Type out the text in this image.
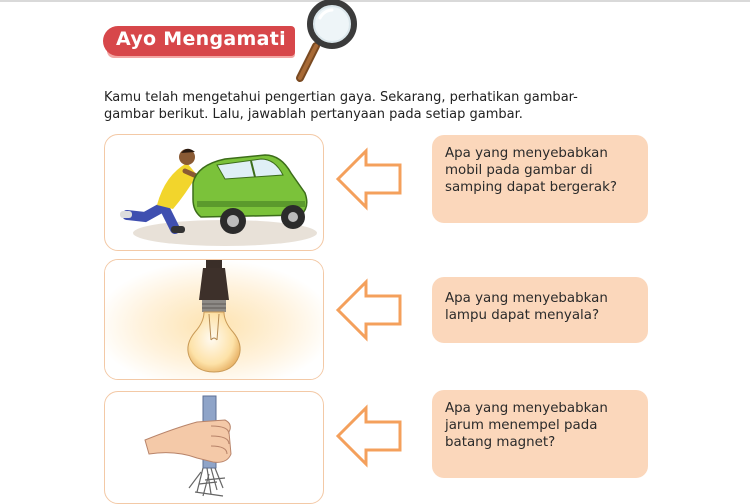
Ayo Mengamati
Kamu telah mengetahui pengertian gaya. Sekarang, perhatikan gambar-
gambar berikut. Lalu, jawablah pertanyaan pada setiap gambar.
Apa yang menyebabkan
mobil pada gambar di
samping dapat bergerak?
Apa yang menyebabkan
lampu dapat menyala?
Apa yang menyebabkan
jarum menempel pada
batang magnet?
